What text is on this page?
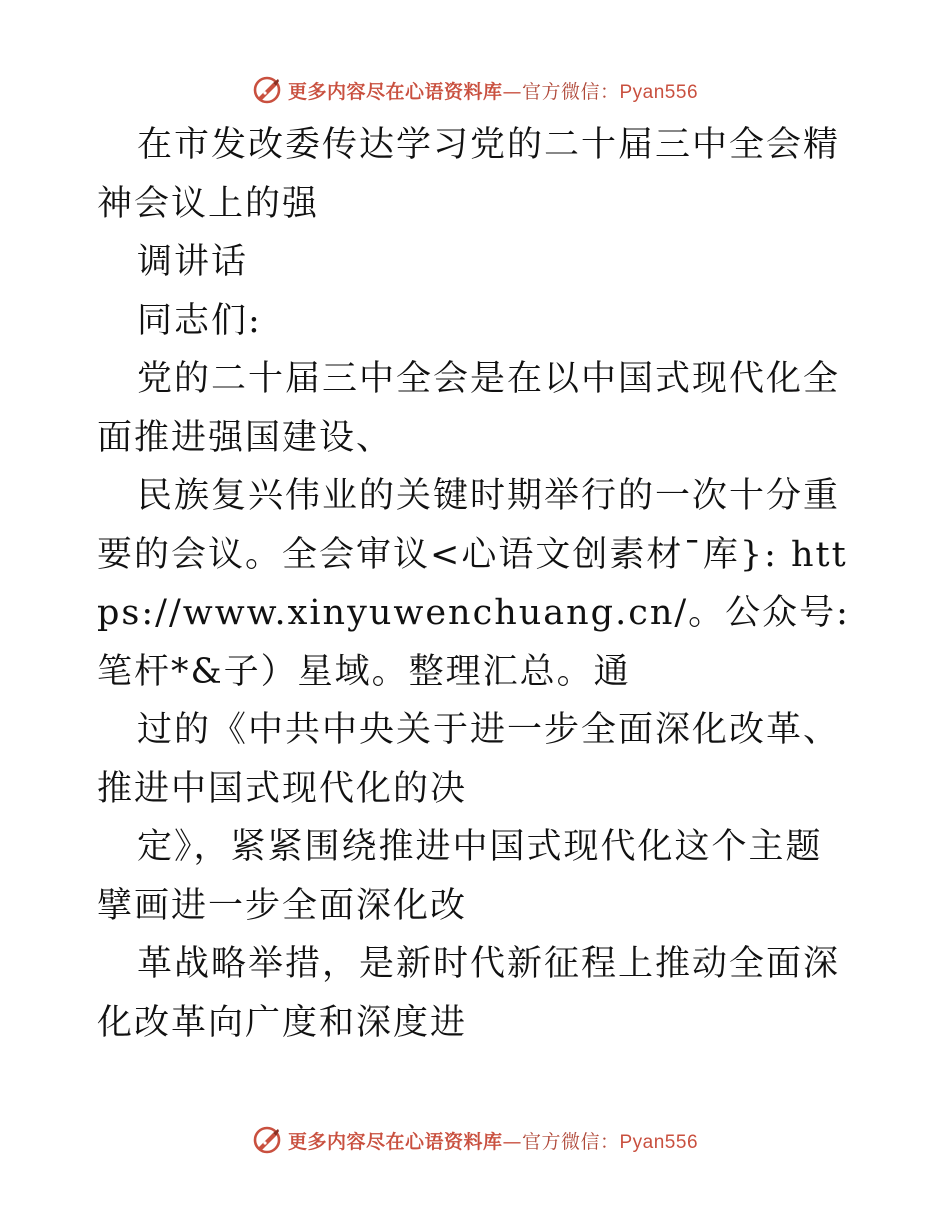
更多内容尽在心语资料库—官方微信：Pyan556

在市发改委传达学习党的二十届三中全会精神会议上的强

调讲话

同志们:

党的二十届三中全会是在以中国式现代化全面推进强国建设、

民族复兴伟业的关键时期举行的一次十分重要的会议。全会审议<心语文创素材¯库}: https://www.xinyuwenchuang.cn/。公众号: 笔杆*&子）星域。整理汇总。通

过的《中共中央关于进一步全面深化改革、推进中国式现代化的决

定》，紧紧围绕推进中国式现代化这个主题擘画进一步全面深化改

革战略举措，是新时代新征程上推动全面深化改革向广度和深度进

更多内容尽在心语资料库—官方微信：Pyan556
